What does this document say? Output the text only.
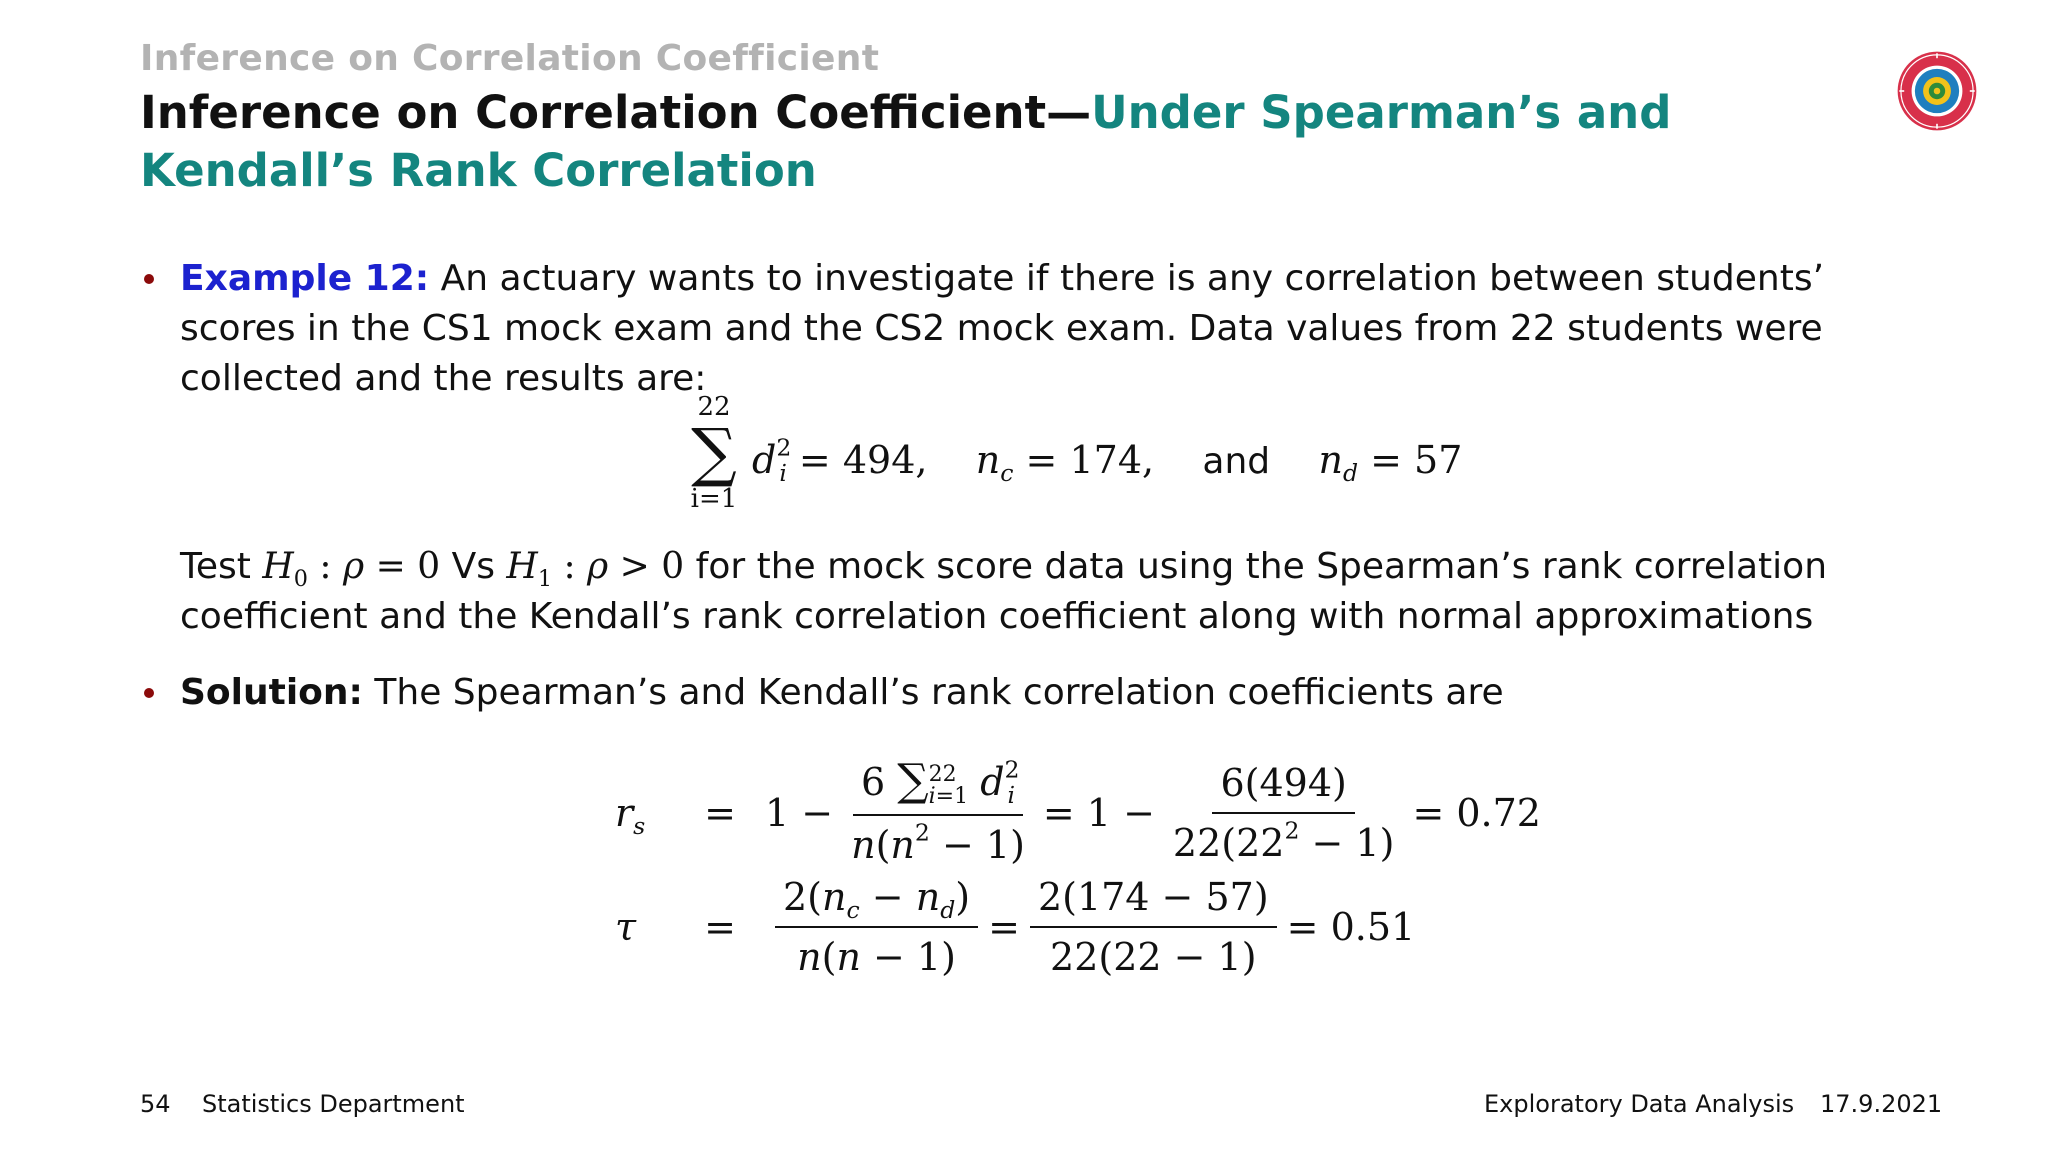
Inference on Correlation Coefficient
Inference on Correlation Coefficient—Under Spearman’s and Kendall’s Rank Correlation
Example 12: An actuary wants to investigate if there is any correlation between students’ scores in the CS1 mock exam and the CS2 mock exam. Data values from 22 students were collected and the results are:
22
∑
i=1
$d^2_i = 494$,    $n_c = 174$,    and $n_d = 57$
Test $H_0$ : ρ = 0 Vs $H_1$ : ρ > 0 for the mock score data using the Spearman’s rank correlation coefficient and the Kendall’s rank correlation coefficient along with normal approximations
Solution: The Spearman’s and Kendall’s rank correlation coefficients are
$r_s$	= 1 − 6 ∑ 22
i=1 $d^2_i$
$n(n^2 - 1) = 1 - \frac{6(494)}{22(22^2 - 1)} = 0.72$
τ	=	$\frac{2(n_c - n_d)}{n(n - 1)} = \frac{2(174 - 57)}{22(22 - 1)} = 0.51$
54 Statistics Department	Exploratory Data Analysis 17.9.2021
